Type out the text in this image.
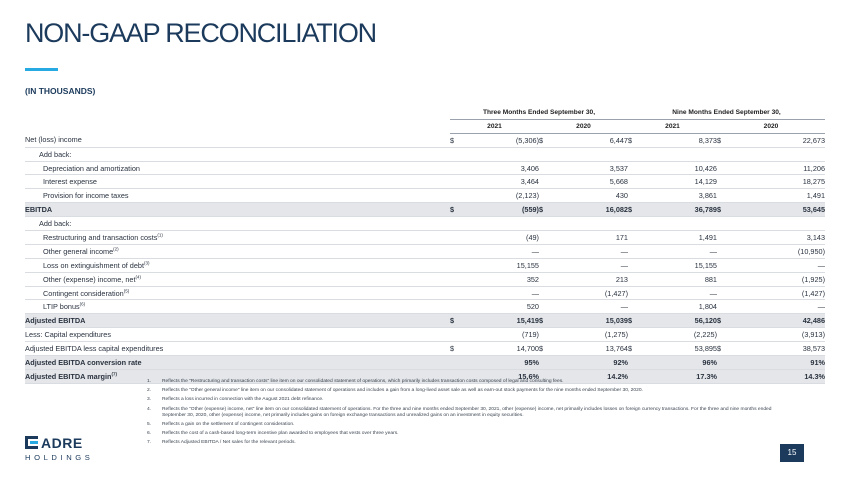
NON-GAAP RECONCILIATION
(IN THOUSANDS)
	Three Months Ended September 30,				Nine Months Ended September 30,			
	2021		2020		2021		2020	
Net (loss) income	$	(5,306)	$	6,447	$	8,373	$	22,673
Add back:								
Depreciation and amortization		3,406		3,537		10,426		11,206
Interest expense		3,464		5,668		14,129		18,275
Provision for income taxes		(2,123)		430		3,861		1,491
EBITDA	$	(559)	$	16,082	$	36,789	$	53,645
Add back:								
Restructuring and transaction costs$^{(1)}$		(49)		171		1,491		3,143
Other general income$^{(2)}$		—		—		—		(10,950)
Loss on extinguishment of debt$^{(3)}$		15,155		—		15,155		—
Other (expense) income, net$^{(4)}$		352		213		881		(1,925)
Contingent consideration$^{(5)}$		—		(1,427)		—		(1,427)
LTIP bonus$^{(6)}$		520		—		1,804		—
Adjusted EBITDA	$	15,419	$	15,039	$	56,120	$	42,486
Less: Capital expenditures		(719)		(1,275)		(2,225)		(3,913)
Adjusted EBITDA less capital expenditures	$	14,700	$	13,764	$	53,895	$	38,573
Adjusted EBITDA conversion rate		95%		92%		96%		91%
Adjusted EBITDA margin$^{(7)}$		15.6%		14.2%		17.3%		14.3%
1.	Reflects the “Restructuring and transaction costs” line item on our consolidated statement of operations, which primarily includes transaction costs composed of legal and consulting fees.
2.	Reflects the “Other general income” line item on our consolidated statement of operations and includes a gain from a long-lived asset sale as well as earn-out stock payments for the nine months ended September 30, 2020.
3.	Reflects a loss incurred in connection with the August 2021 debt refinance.
4.	Reflects the “Other (expense) income, net” line item on our consolidated statement of operations. For the three and nine months ended September 30, 2021, other (expense) income, net primarily includes losses on foreign currency transactions. For the three and nine months ended September 30, 2020, other (expense) income, net primarily includes gains on foreign exchange transactions and unrealized gains on an investment in equity securities.
5.	Reflects a gain on the settlement of contingent consideration.
6.	Reflects the cost of a cash-based long-term incentive plan awarded to employees that vests over three years.
7.	Reflects Adjusted EBITDA / Net sales for the relevant periods.
ADRE
HOLDINGS
15
